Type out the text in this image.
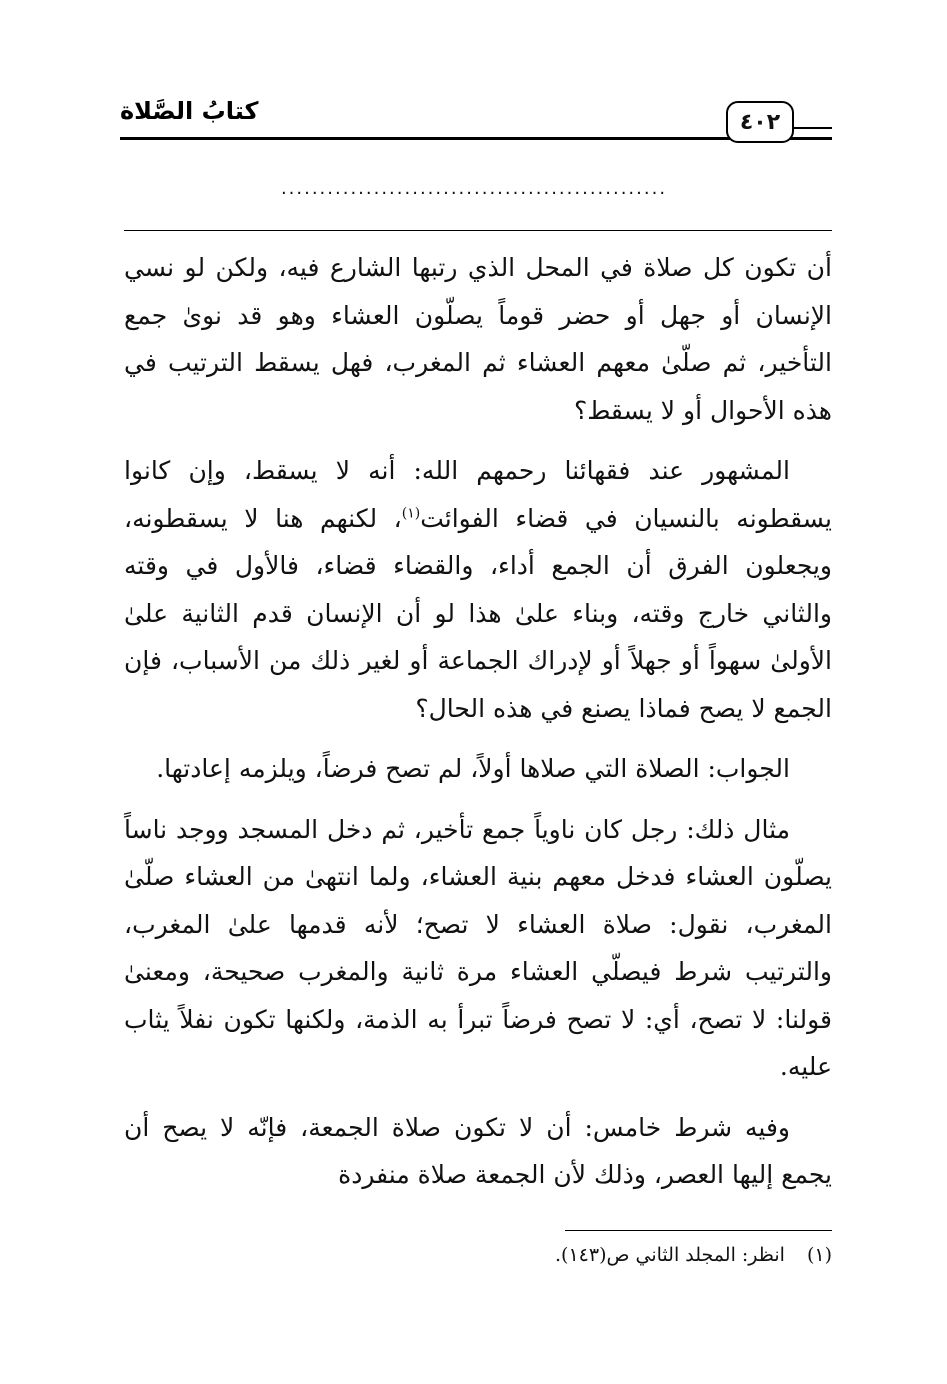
كتابُ الصَّلاة	٤٠٢
..................................................

أن تكون كل صلاة في المحل الذي رتبها الشارع فيه، ولكن لو نسي الإنسان أو جهل أو حضر قوماً يصلّون العشاء وهو قد نوىٰ جمع التأخير، ثم صلّىٰ معهم العشاء ثم المغرب، فهل يسقط الترتيب في هذه الأحوال أو لا يسقط؟

المشهور عند فقهائنا رحمهم الله: أنه لا يسقط، وإن كانوا يسقطونه بالنسيان في قضاء الفوائت$^{(١)}$، لكنهم هنا لا يسقطونه، ويجعلون الفرق أن الجمع أداء، والقضاء قضاء، فالأول في وقته والثاني خارج وقته، وبناء علىٰ هذا لو أن الإنسان قدم الثانية علىٰ الأولىٰ سهواً أو جهلاً أو لإدراك الجماعة أو لغير ذلك من الأسباب، فإن الجمع لا يصح فماذا يصنع في هذه الحال؟

الجواب: الصلاة التي صلاها أولاً، لم تصح فرضاً، ويلزمه إعادتها.

مثال ذلك: رجل كان ناوياً جمع تأخير، ثم دخل المسجد ووجد ناساً يصلّون العشاء فدخل معهم بنية العشاء، ولما انتهىٰ من العشاء صلّىٰ المغرب، نقول: صلاة العشاء لا تصح؛ لأنه قدمها علىٰ المغرب، والترتيب شرط فيصلّي العشاء مرة ثانية والمغرب صحيحة، ومعنىٰ قولنا: لا تصح، أي: لا تصح فرضاً تبرأ به الذمة، ولكنها تكون نفلاً يثاب عليه.

وفيه شرط خامس: أن لا تكون صلاة الجمعة، فإنّه لا يصح أن يجمع إليها العصر، وذلك لأن الجمعة صلاة منفردة

(١)انظر: المجلد الثاني ص(١٤٣).
